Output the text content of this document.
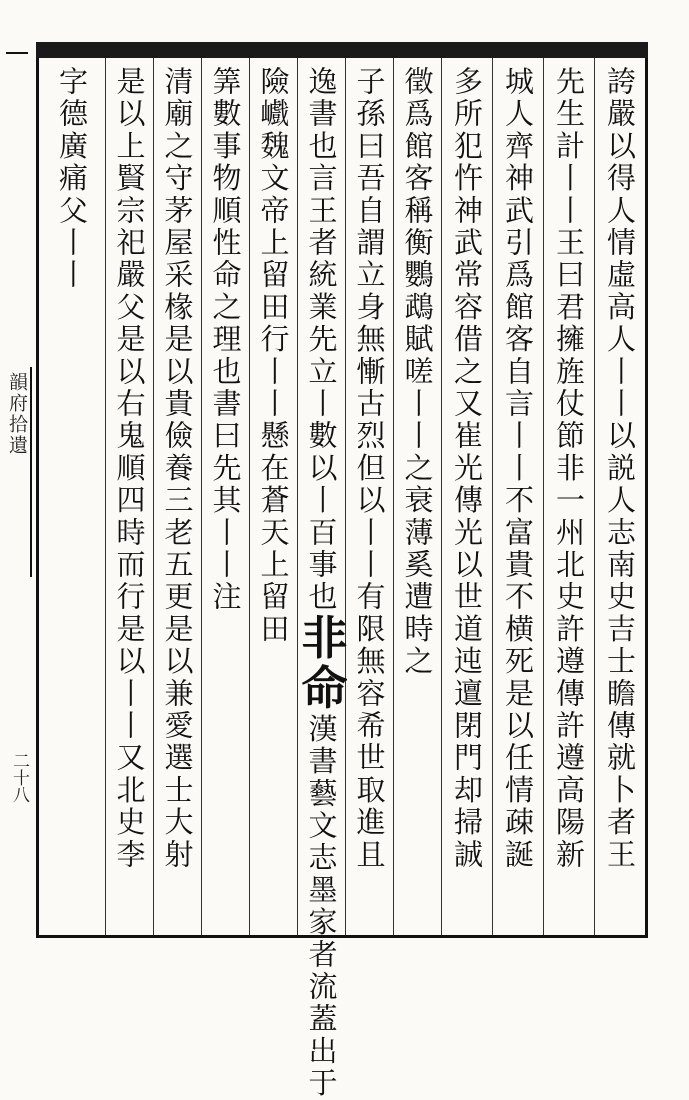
韻府拾遺
二十八	誇嚴以得人情虛高人丨丨以説人志南史吉士瞻傳就卜者王
先生計丨丨王曰君擁旌仗節非一州北史許遵傳許遵高陽新
城人齊神武引爲館客自言丨丨不富貴不横死是以任情疎誕
多所犯忤神武常容借之又崔光傳光以世道迍邅閉門却掃誠
徵爲館客稱衡鸚鵡賦嗟丨丨之衰薄奚遭時之
子孫曰吾自謂立身無慚古烈但以丨丨有限無容希世取進且
逸書也言王者統業先立丨數以丨百事也非命漢書藝文志墨家者流蓋出于
險巇魏文帝上留田行丨丨懸在蒼天上留田
筭數事物順性命之理也書曰先其丨丨注
清廟之守茅屋采椽是以貴儉養三老五更是以兼愛選士大射
是以上賢宗祀嚴父是以右鬼順四時而行是以丨丨又北史李
字德廣痛父丨丨
